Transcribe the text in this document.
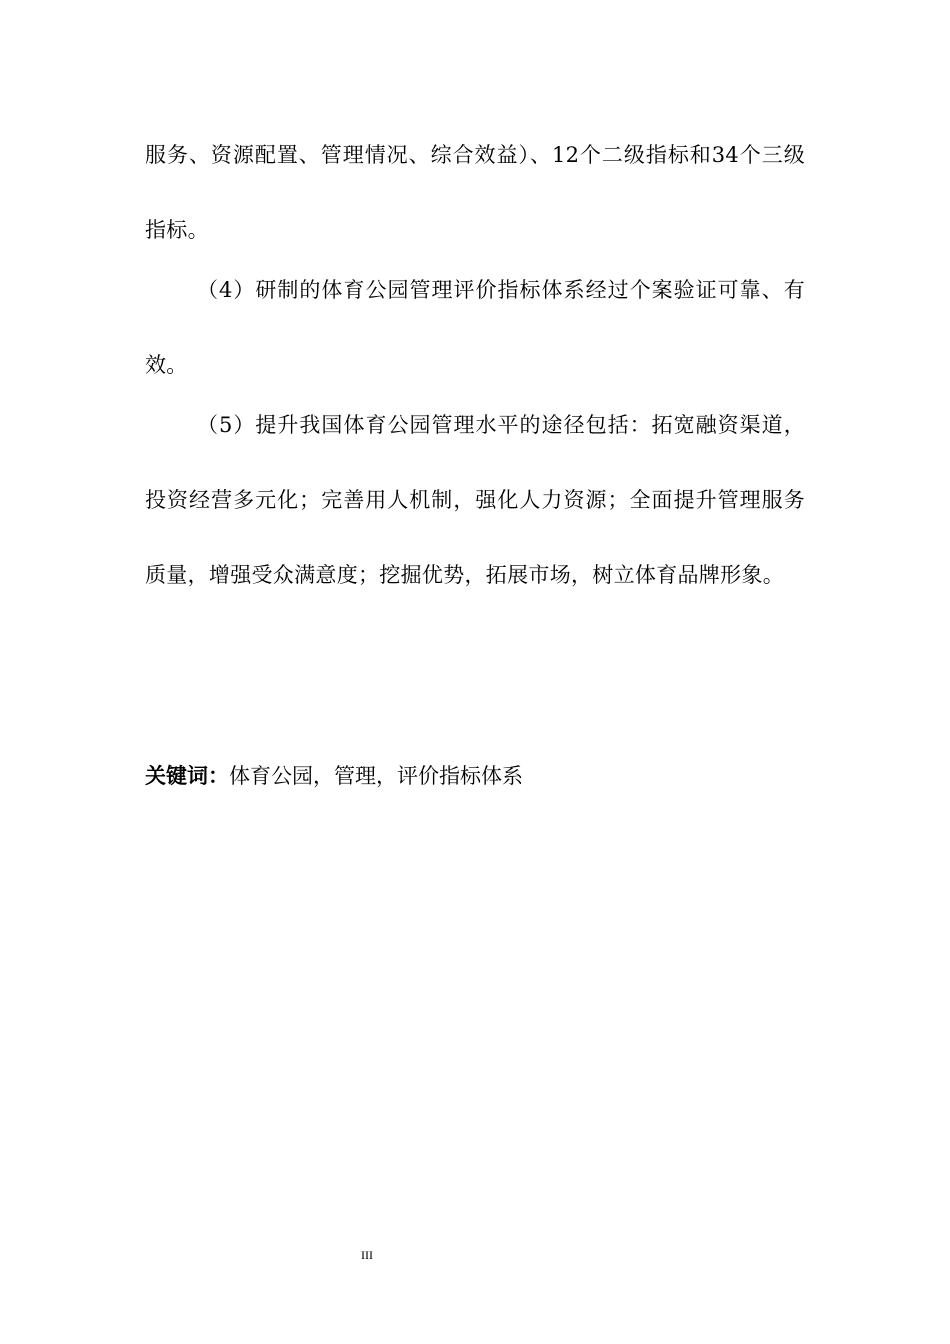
服务、资源配置、管理情况、综合效益）、12个二级指标和34个三级指标。

（4）研制的体育公园管理评价指标体系经过个案验证可靠、有效。

（5）提升我国体育公园管理水平的途径包括：拓宽融资渠道，投资经营多元化；完善用人机制，强化人力资源；全面提升管理服务质量，增强受众满意度；挖掘优势，拓展市场，树立体育品牌形象。

关键词：体育公园，管理，评价指标体系

III
